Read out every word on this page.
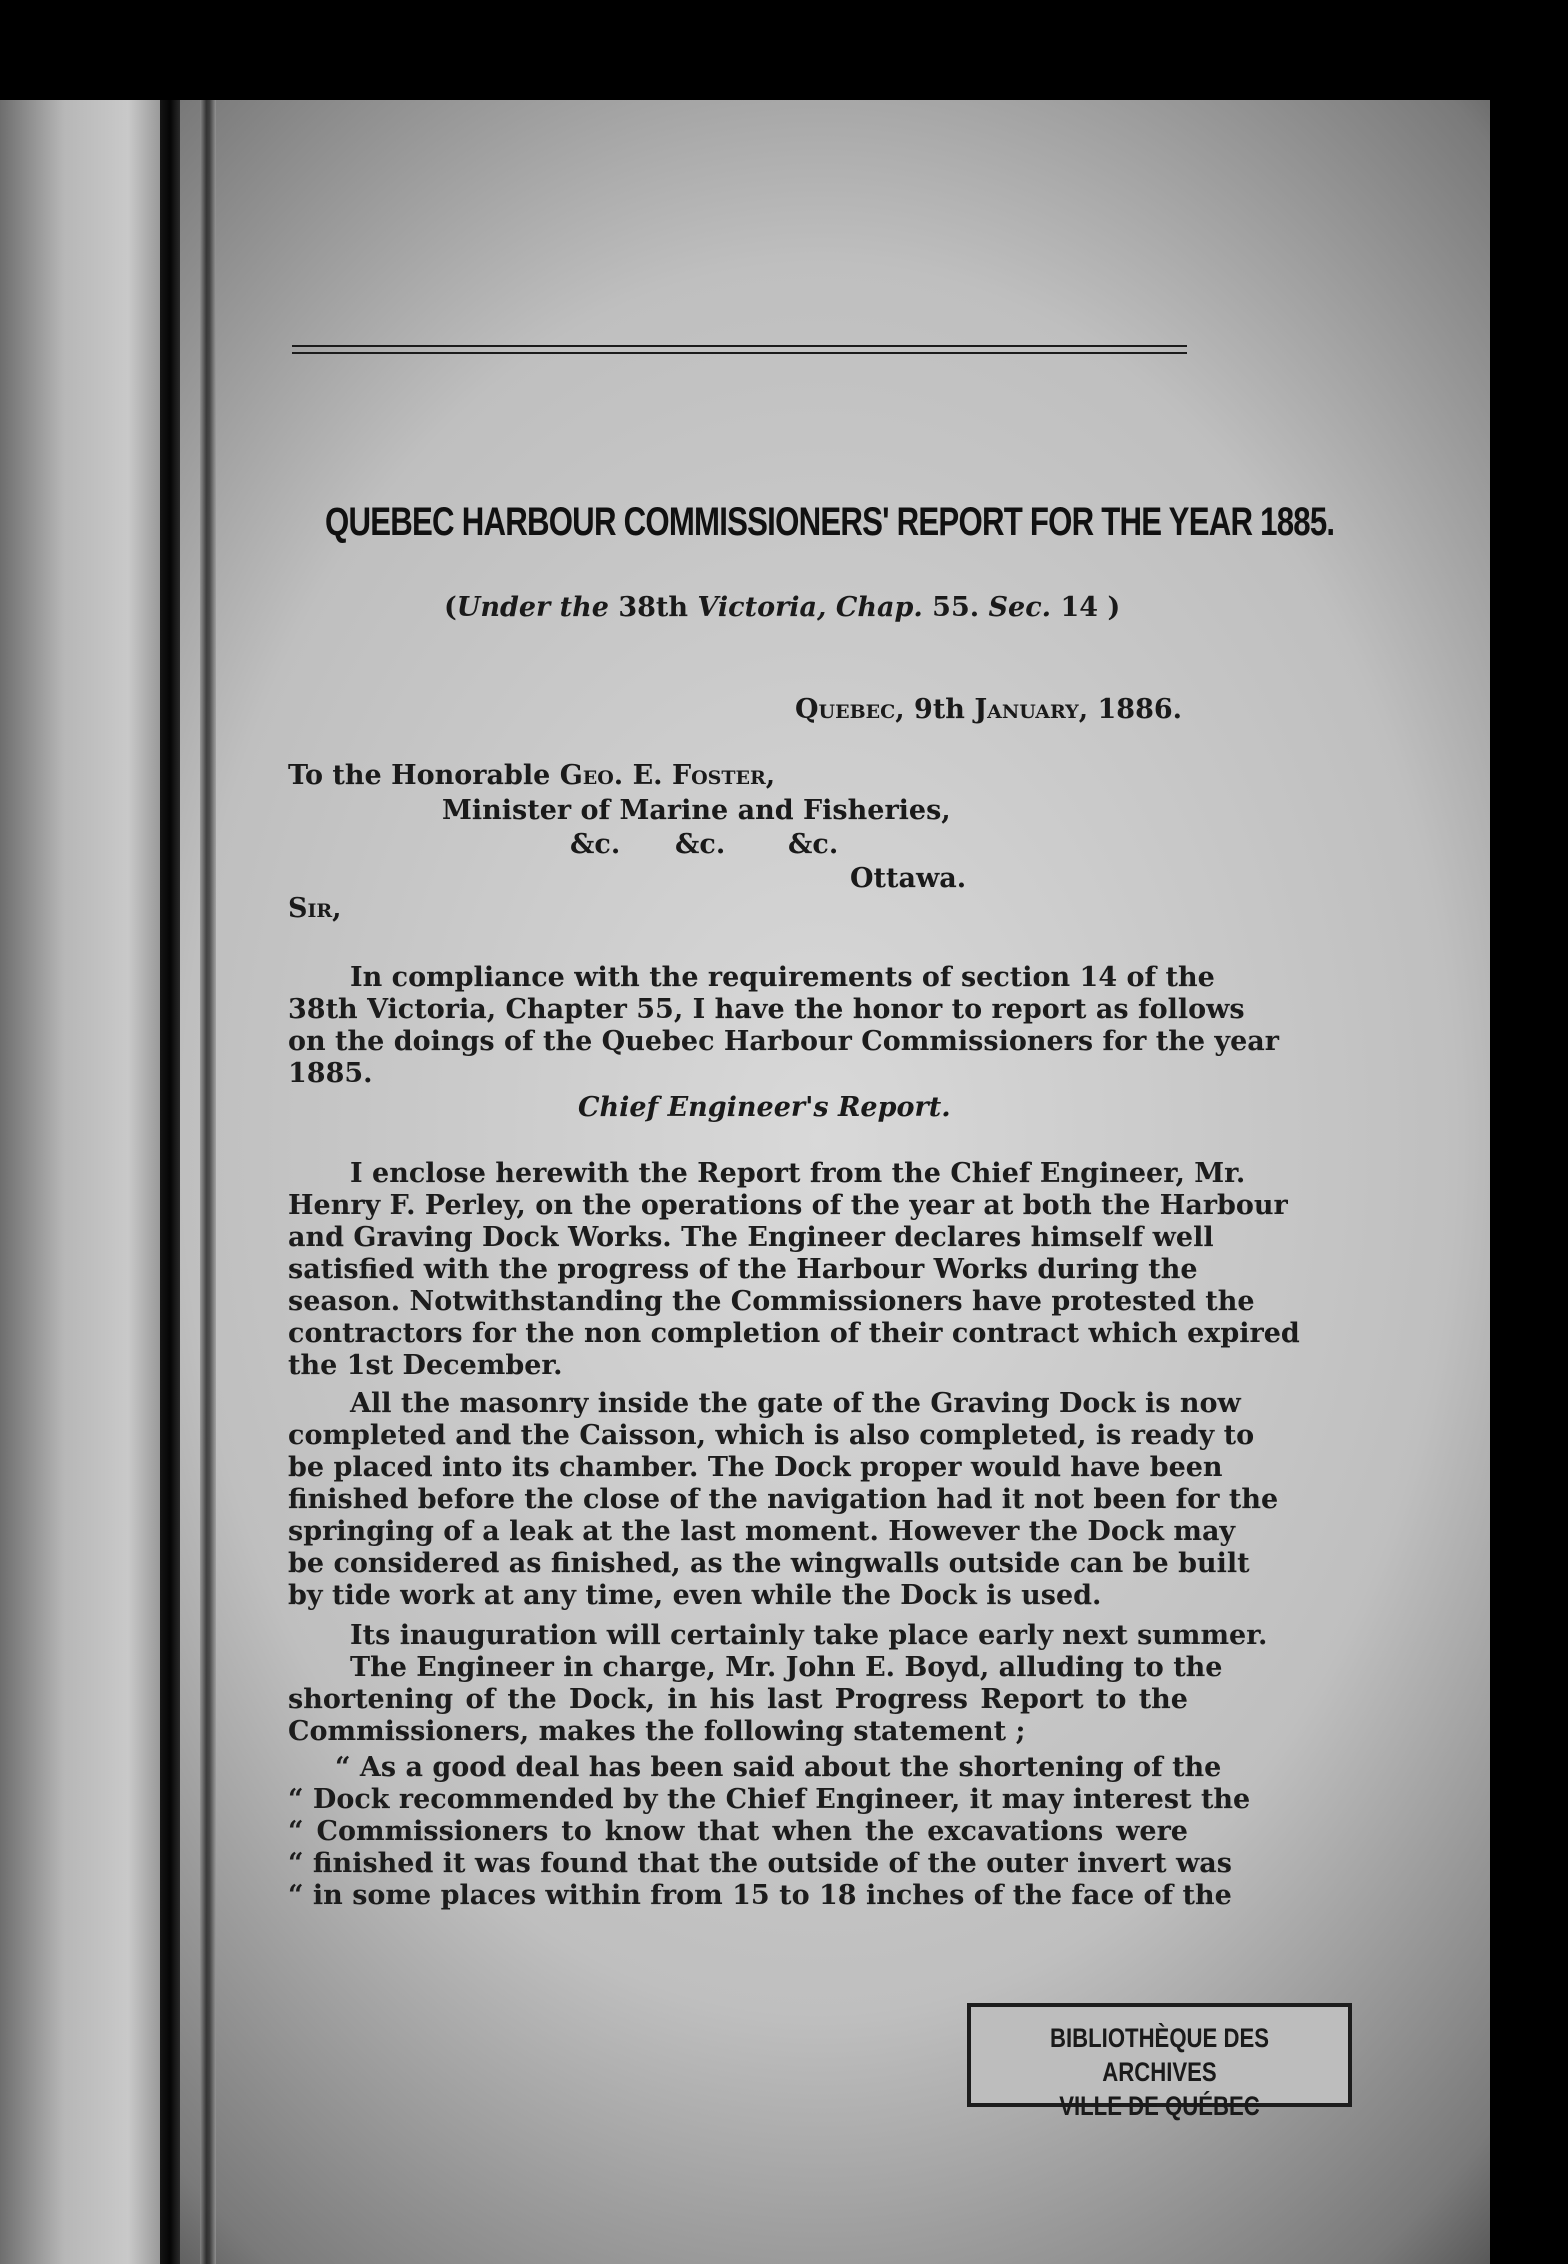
QUEBEC HARBOUR COMMISSIONERS' REPORT FOR THE YEAR 1885.
(Under the 38th Victoria, Chap. 55. Sec. 14 )
Quebec, 9th January, 1886.
To the Honorable Geo. E. Foster,
Minister of Marine and Fisheries,
&c. &c. &c.
Ottawa.
Sir,
In compliance with the requirements of section 14 of the
38th Victoria, Chapter 55, I have the honor to report as follows
on the doings of the Quebec Harbour Commissioners for the year
1885.
Chief Engineer's Report.
I enclose herewith the Report from the Chief Engineer, Mr.
Henry F. Perley, on the operations of the year at both the Harbour
and Graving Dock Works. The Engineer declares himself well
satisfied with the progress of the Harbour Works during the
season. Notwithstanding the Commissioners have protested the
contractors for the non completion of their contract which expired
the 1st December.
All the masonry inside the gate of the Graving Dock is now
completed and the Caisson, which is also completed, is ready to
be placed into its chamber. The Dock proper would have been
finished before the close of the navigation had it not been for the
springing of a leak at the last moment. However the Dock may
be considered as finished, as the wingwalls outside can be built
by tide work at any time, even while the Dock is used.
Its inauguration will certainly take place early next summer.
The Engineer in charge, Mr. John E. Boyd, alluding to the
shortening of the Dock, in his last Progress Report to the
Commissioners, makes the following statement ;
“ As a good deal has been said about the shortening of the
“ Dock recommended by the Chief Engineer, it may interest the
“ Commissioners to know that when the excavations were
“ finished it was found that the outside of the outer invert was
“ in some places within from 15 to 18 inches of the face of the
BIBLIOTHÈQUE DES ARCHIVES
VILLE DE QUÉBEC
